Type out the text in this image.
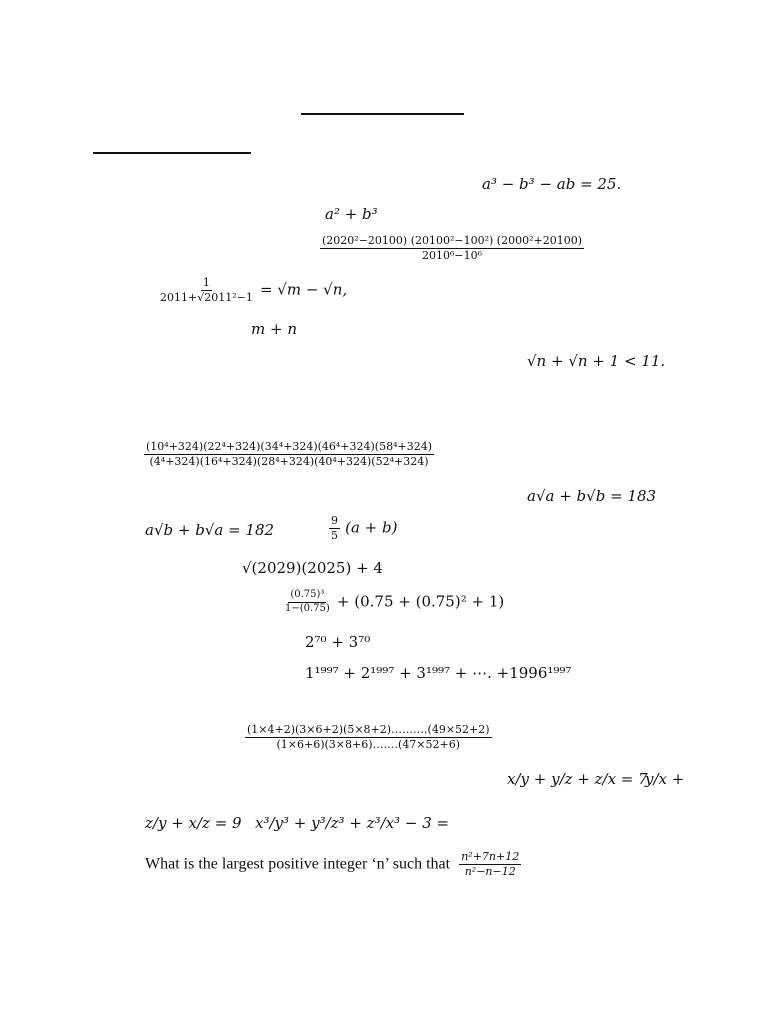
a³ − b³ − ab = 25.
a² + b³
$\frac{\text{(2020²−20100) (20100²−100²) (2000²+20100)}}{\text{2010⁶−10⁶}}$
$\frac{1}{\text{2011+√2011²−1}} = √m - √n$,
m + n
√n + √n + 1 < 11.
$\frac{\text{(10⁴+324)(22⁴+324)(34⁴+324)(46⁴+324)(58⁴+324)}}{\text{(4⁴+324)(16⁴+324)(28⁴+324)(40⁴+324)(52⁴+324)}}$
a√a + b√b = 183
a√b + b√a = 182	$\frac{9}{5} (a + b)$
√(2029)(2025) + 4
$\frac{\text{(0.75)³}}{1-(0.75)} + (0.75 + (0.75)^2 + 1)$
2⁷⁰ + 3⁷⁰
1¹⁹⁹⁷ + 2¹⁹⁹⁷ + 3¹⁹⁹⁷ + ⋯. +1996¹⁹⁹⁷
$\frac{(1\times 4+2)(3\times 6+2)(5\times 8+2)\dots\dots\dots.(49\times 52+2)}{(1\times 6+6)(3\times 8+6)\dots\dots.(47\times 52+6)}$
x/y + y/z + z/x = 7
y/x +
z/y + x/z = 9 x³/y³ + y³/z³ + z³/x³ − 3 =
What is the largest positive integer ‘n’ such that $\frac{\text{n²+7n+12}}{\text{n²−n−12}}$
